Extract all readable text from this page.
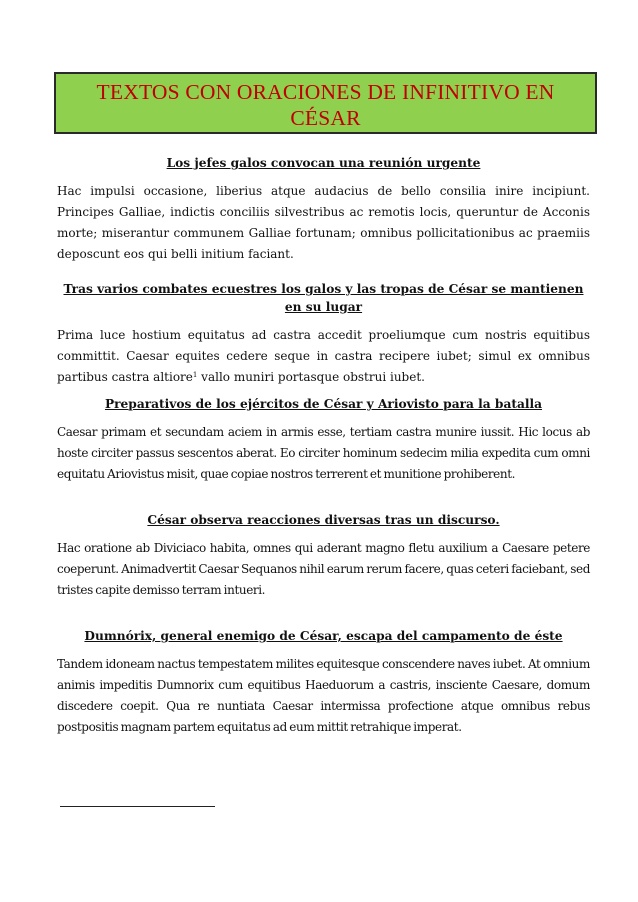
TEXTOS CON ORACIONES DE INFINITIVO EN
CÉSAR
Los jefes galos convocan una reunión urgente
Hac impulsi occasione, liberius atque audacius de bello consilia inire incipiunt. Principes Galliae, indictis conciliis silvestribus ac remotis locis, queruntur de Acconis morte; miserantur communem Galliae fortunam; omnibus pollicitationibus ac praemiis deposcunt eos qui belli initium faciant.
Tras varios combates ecuestres los galos y las tropas de César se mantienen en su lugar
Prima luce hostium equitatus ad castra accedit proeliumque cum nostris equitibus committit. Caesar equites cedere seque in castra recipere iubet; simul ex omnibus partibus castra altiore$^1$ vallo muniri portasque obstrui iubet.
Preparativos de los ejércitos de César y Ariovisto para la batalla
Caesar primam et secundam aciem in armis esse, tertiam castra munire iussit. Hic locus ab hoste circiter passus sescentos aberat. Eo circiter hominum sedecim milia expedita cum omni equitatu Ariovistus misit, quae copiae nostros terrerent et munitione prohiberent.
César observa reacciones diversas tras un discurso.
Hac oratione ab Diviciaco habita, omnes qui aderant magno fletu auxilium a Caesare petere coeperunt. Animadvertit Caesar Sequanos nihil earum rerum facere, quas ceteri faciebant, sed tristes capite demisso terram intueri.
Dumnórix, general enemigo de César, escapa del campamento de éste
Tandem idoneam nactus tempestatem milites equitesque conscendere naves iubet. At omnium animis impeditis Dumnorix cum equitibus Haeduorum a castris, insciente Caesare, domum discedere coepit. Qua re nuntiata Caesar intermissa profectione atque omnibus rebus postpositis magnam partem equitatus ad eum mittit retrahique imperat.
